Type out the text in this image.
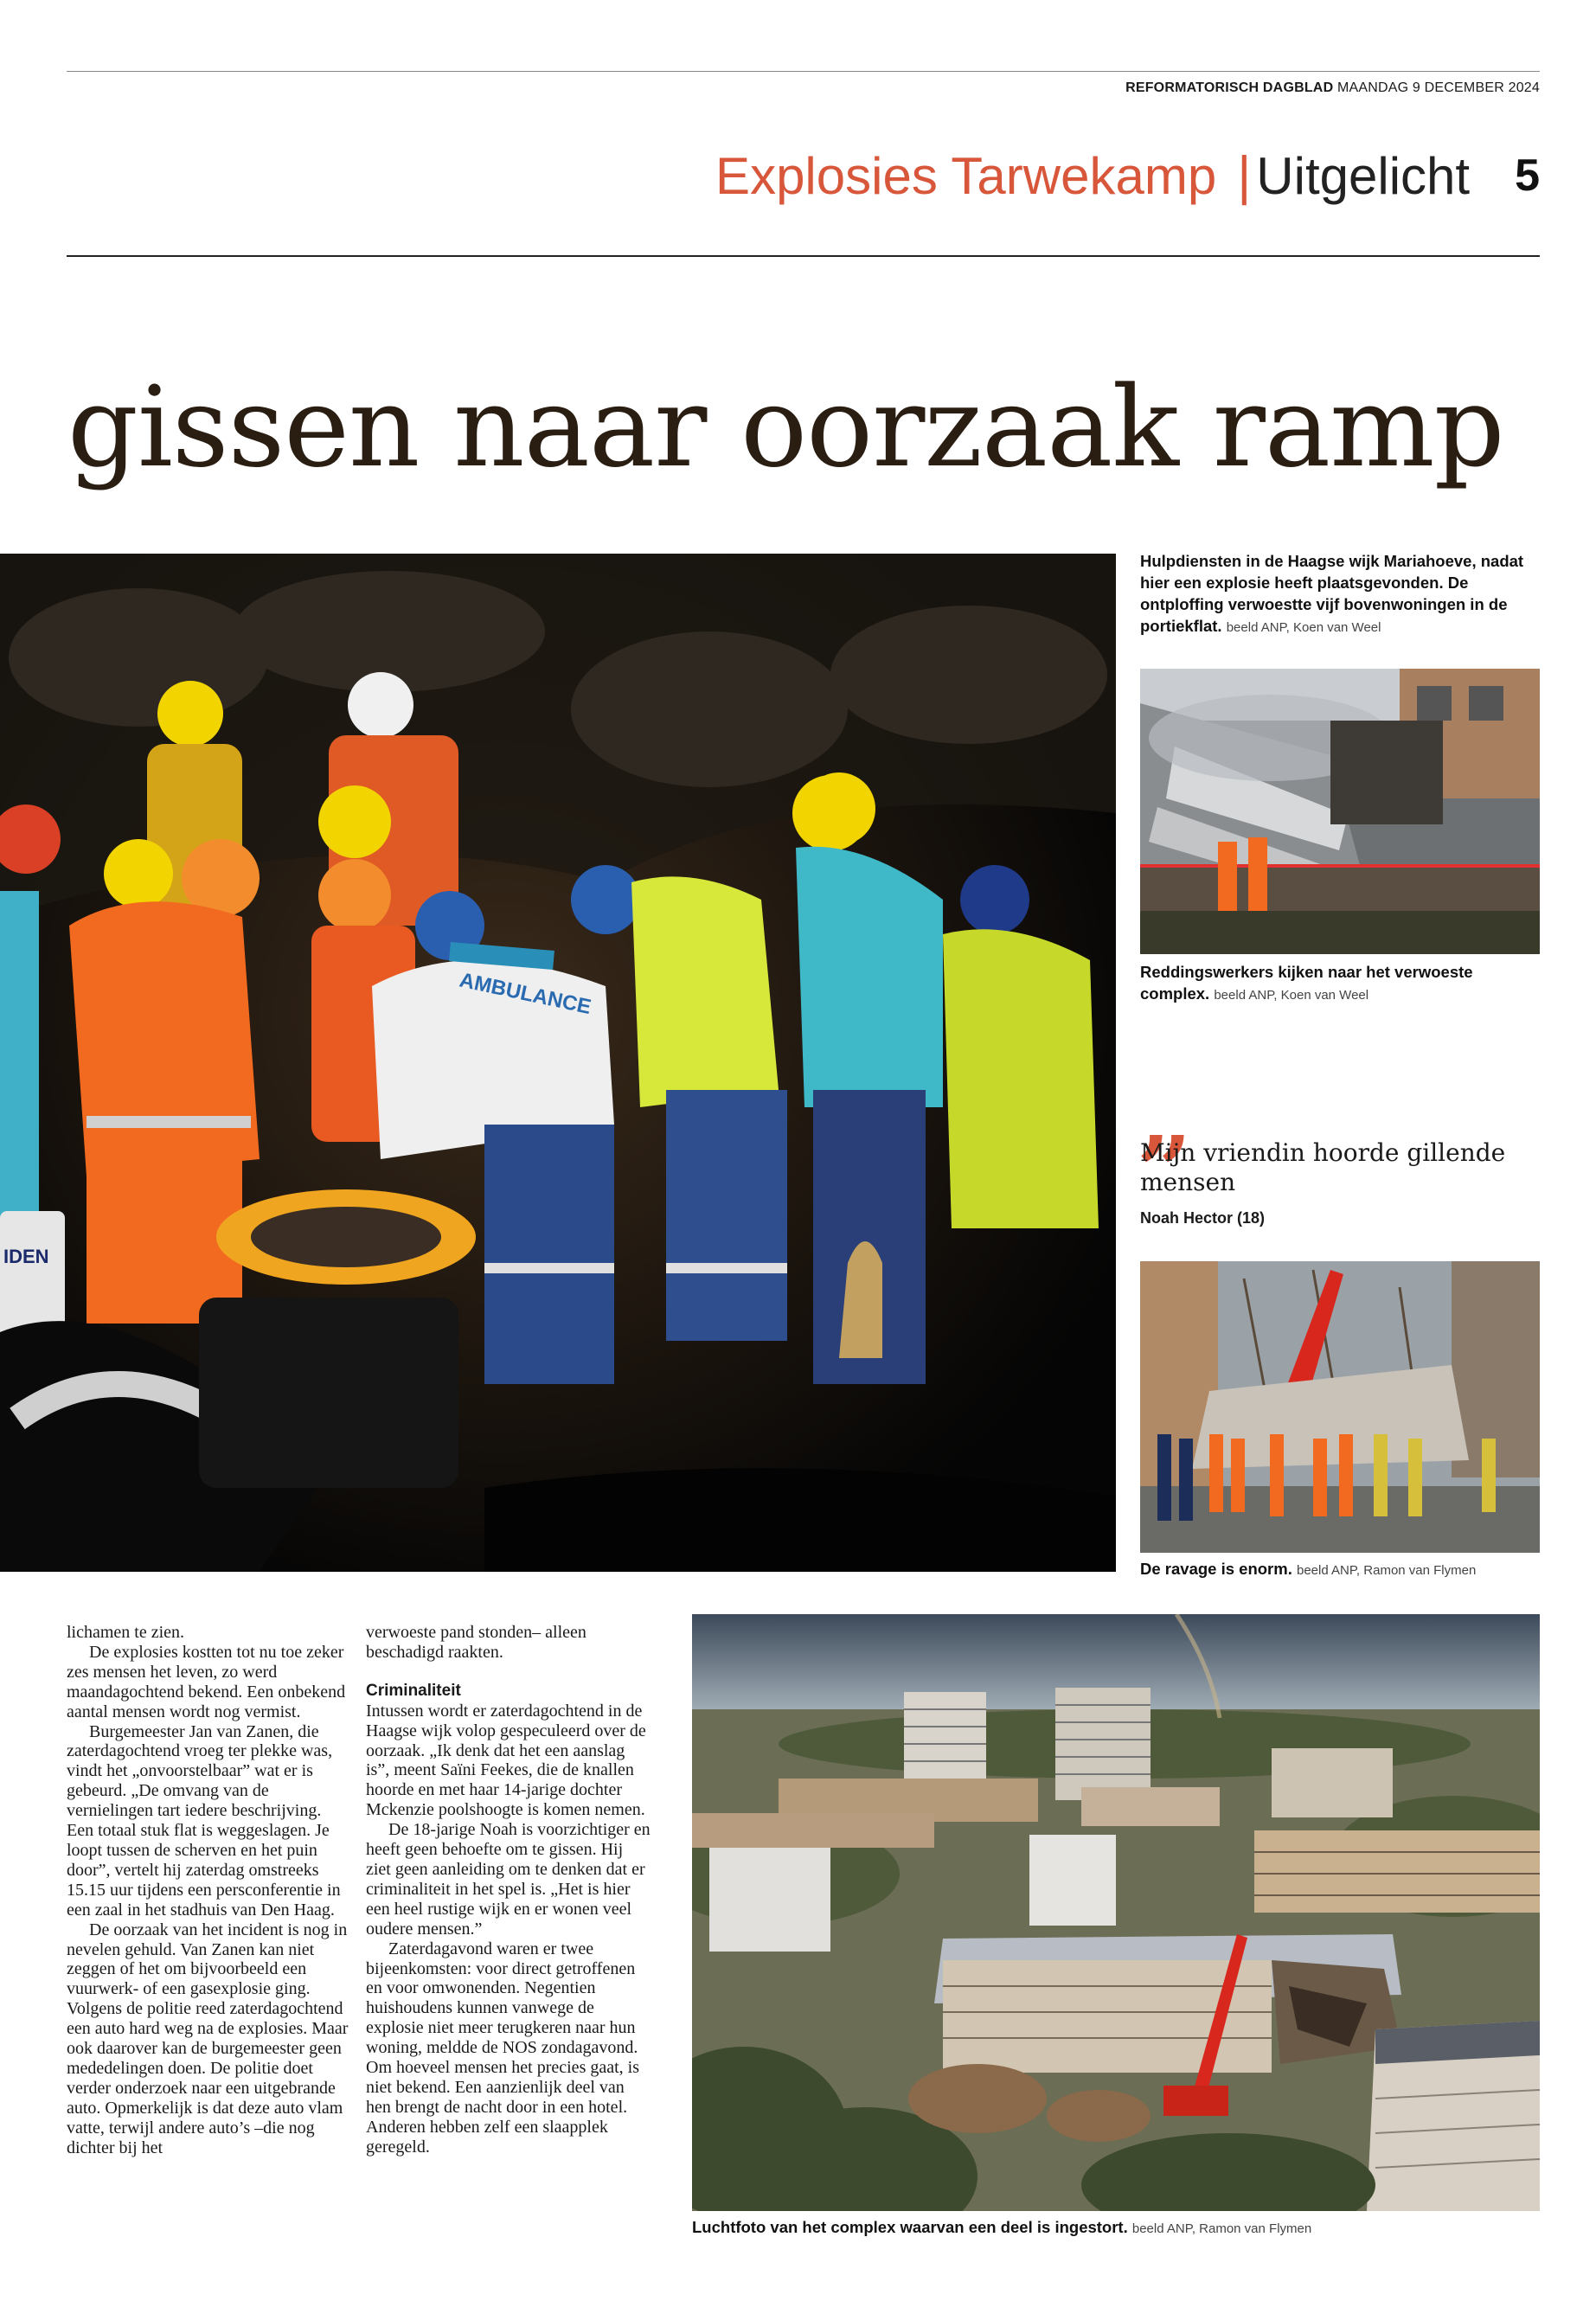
REFORMATORISCH DAGBLAD MAANDAG 9 DECEMBER 2024
Explosies Tarwekamp | Uitgelicht 5
gissen naar oorzaak ramp
AMBULANCE
IDEN
Hulpdiensten in de Haagse wijk Mariahoeve, nadat hier een explosie heeft plaatsgevonden. De ontploffing verwoestte vijf bovenwoningen in de portiekflat. beeld ANP, Koen van Weel
Reddingswerkers kijken naar het verwoeste complex. beeld ANP, Koen van Weel
„
Mijn vriendin hoorde gillende mensen
Noah Hector (18)
De ravage is enorm. beeld ANP, Ramon van Flymen

lichamen te zien.

De explosies kostten tot nu toe zeker zes mensen het leven, zo werd maandagochtend bekend. Een onbekend aantal mensen wordt nog vermist.

Burgemeester Jan van Zanen, die zaterdagochtend vroeg ter plekke was, vindt het „onvoorstelbaar” wat er is gebeurd. „De omvang van de vernielingen tart iedere beschrijving. Een totaal stuk flat is weggeslagen. Je loopt tussen de scherven en het puin door”, vertelt hij zaterdag omstreeks 15.15 uur tijdens een persconferentie in een zaal in het stadhuis van Den Haag.

De oorzaak van het incident is nog in nevelen gehuld. Van Zanen kan niet zeggen of het om bijvoorbeeld een vuurwerk- of een gasexplosie ging. Volgens de politie reed zaterdagochtend een auto hard weg na de explosies. Maar ook daarover kan de burgemeester geen mededelingen doen. De politie doet verder onderzoek naar een uitgebrande auto. Opmerkelijk is dat deze auto vlam vatte, terwijl andere auto’s –die nog dichter bij het

verwoeste pand stonden– alleen beschadigd raakten.

Criminaliteit

Intussen wordt er zaterdagochtend in de Haagse wijk volop gespeculeerd over de oorzaak. „Ik denk dat het een aanslag is”, meent Saïni Feekes, die de knallen hoorde en met haar 14-jarige dochter Mckenzie poolshoogte is komen nemen.

De 18-jarige Noah is voorzichtiger en heeft geen behoefte om te gissen. Hij ziet geen aanleiding om te denken dat er criminaliteit in het spel is. „Het is hier een heel rustige wijk en er wonen veel oudere mensen.”

Zaterdagavond waren er twee bijeenkomsten: voor direct getroffenen en voor omwonenden. Negentien huishoudens kunnen vanwege de explosie niet meer terugkeren naar hun woning, meldde de NOS zondagavond. Om hoeveel mensen het precies gaat, is niet bekend. Een aanzienlijk deel van hen brengt de nacht door in een hotel. Anderen hebben zelf een slaapplek geregeld.

Luchtfoto van het complex waarvan een deel is ingestort. beeld ANP, Ramon van Flymen
